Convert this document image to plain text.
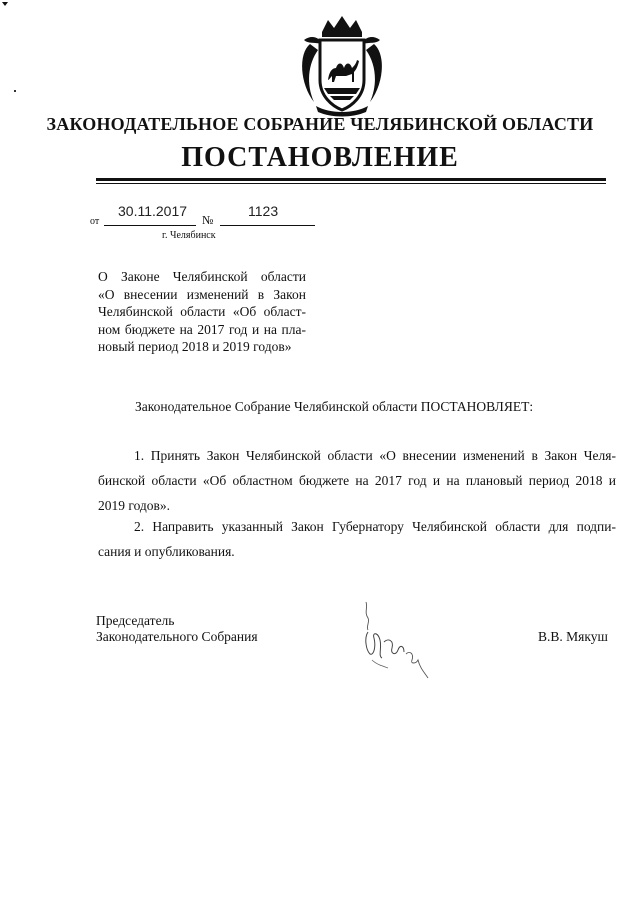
ЗАКОНОДАТЕЛЬНОЕ СОБРАНИЕ ЧЕЛЯБИНСКОЙ ОБЛАСТИ
ПОСТАНОВЛЕНИЕ
от
30.11.2017
№
1123
г. Челябинск
О Законе Челябинской области
«О внесении изменений в Закон
Челябинской области «Об област-
ном бюджете на 2017 год и на пла-
новый период 2018 и 2019 годов»
Законодательное Собрание Челябинской области ПОСТАНОВЛЯЕТ:
1. Принять Закон Челябинской области «О внесении изменений в Закон Челя-
бинской области «Об областном бюджете на 2017 год и на плановый период 2018 и
2019 годов».
2. Направить указанный Закон Губернатору Челябинской области для подпи-
сания и опубликования.
Председатель
Законодательного Собрания	В.В. Мякуш
